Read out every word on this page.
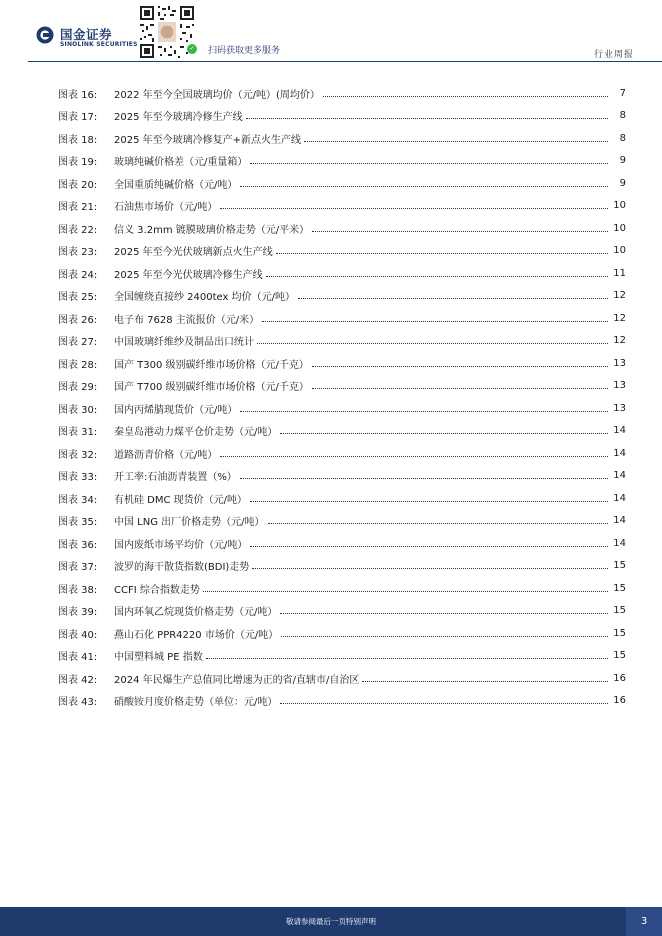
国金证券
SINOLINK SECURITIES
✓ 扫码获取更多服务	行业周报
图表 16:	2022 年至今全国玻璃均价（元/吨）(周均价）	7
图表 17:	2025 年至今玻璃冷修生产线	8
图表 18:	2025 年至今玻璃冷修复产+新点火生产线	8
图表 19:	玻璃纯碱价格差（元/重量箱）	9
图表 20:	全国重质纯碱价格（元/吨）	9
图表 21:	石油焦市场价（元/吨）	10
图表 22:	信义 3.2mm 镀膜玻璃价格走势（元/平米）	10
图表 23:	2025 年至今光伏玻璃新点火生产线	10
图表 24:	2025 年至今光伏玻璃冷修生产线	11
图表 25:	全国缠绕直接纱 2400tex 均价（元/吨）	12
图表 26:	电子布 7628 主流报价（元/米）	12
图表 27:	中国玻璃纤维纱及制品出口统计	12
图表 28:	国产 T300 级别碳纤维市场价格（元/千克）	13
图表 29:	国产 T700 级别碳纤维市场价格（元/千克）	13
图表 30:	国内丙烯腈现货价（元/吨）	13
图表 31:	秦皇岛港动力煤平仓价走势（元/吨）	14
图表 32:	道路沥青价格（元/吨）	14
图表 33:	开工率:石油沥青装置（%）	14
图表 34:	有机硅 DMC 现货价（元/吨）	14
图表 35:	中国 LNG 出厂价格走势（元/吨）	14
图表 36:	国内废纸市场平均价（元/吨）	14
图表 37:	波罗的海干散货指数(BDI)走势	15
图表 38:	CCFI 综合指数走势	15
图表 39:	国内环氧乙烷现货价格走势（元/吨）	15
图表 40:	燕山石化 PPR4220 市场价（元/吨）	15
图表 41:	中国塑料城 PE 指数	15
图表 42:	2024 年民爆生产总值同比增速为正的省/直辖市/自治区	16
图表 43:	硝酸铵月度价格走势（单位：元/吨）	16
敬请参阅最后一页特别声明	3
